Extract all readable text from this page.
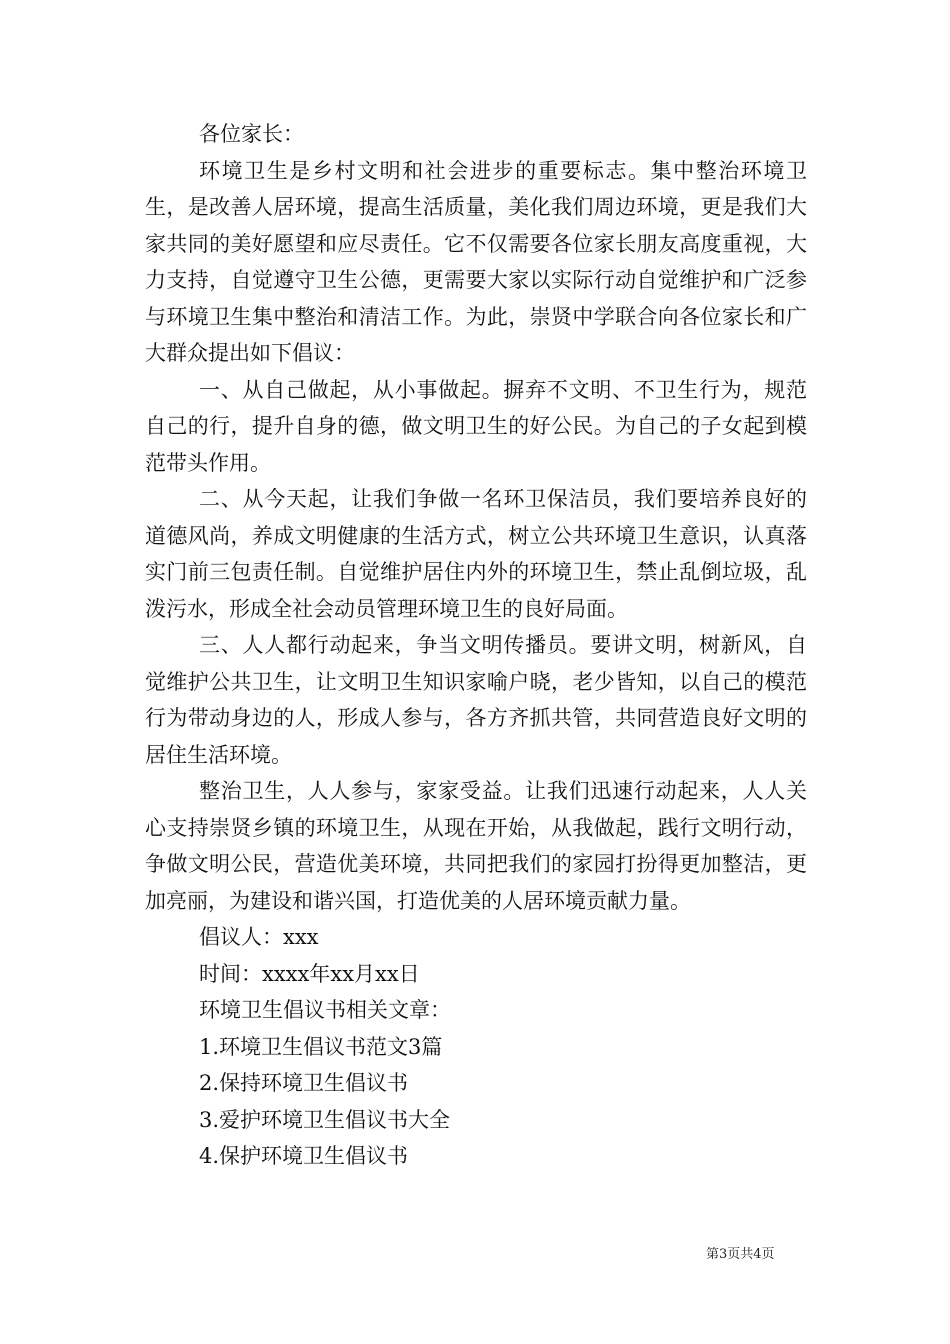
各位家长：

环境卫生是乡村文明和社会进步的重要标志。集中整治环境卫生，是改善人居环境，提高生活质量，美化我们周边环境，更是我们大家共同的美好愿望和应尽责任。它不仅需要各位家长朋友高度重视，大力支持，自觉遵守卫生公德，更需要大家以实际行动自觉维护和广泛参与环境卫生集中整治和清洁工作。为此，崇贤中学联合向各位家长和广大群众提出如下倡议：

一、从自己做起，从小事做起。摒弃不文明、不卫生行为，规范自己的行，提升自身的德，做文明卫生的好公民。为自己的子女起到模范带头作用。

二、从今天起，让我们争做一名环卫保洁员，我们要培养良好的道德风尚，养成文明健康的生活方式，树立公共环境卫生意识，认真落实门前三包责任制。自觉维护居住内外的环境卫生，禁止乱倒垃圾，乱泼污水，形成全社会动员管理环境卫生的良好局面。

三、人人都行动起来，争当文明传播员。要讲文明，树新风，自觉维护公共卫生，让文明卫生知识家喻户晓，老少皆知，以自己的模范行为带动身边的人，形成人参与，各方齐抓共管，共同营造良好文明的居住生活环境。

整治卫生，人人参与，家家受益。让我们迅速行动起来，人人关心支持崇贤乡镇的环境卫生，从现在开始，从我做起，践行文明行动，争做文明公民，营造优美环境，共同把我们的家园打扮得更加整洁，更加亮丽，为建设和谐兴国，打造优美的人居环境贡献力量。

倡议人：xxx
时间：xxxx年xx月xx日
环境卫生倡议书相关文章：
1.环境卫生倡议书范文3篇
2.保持环境卫生倡议书
3.爱护环境卫生倡议书大全
4.保护环境卫生倡议书
第3页共4页
